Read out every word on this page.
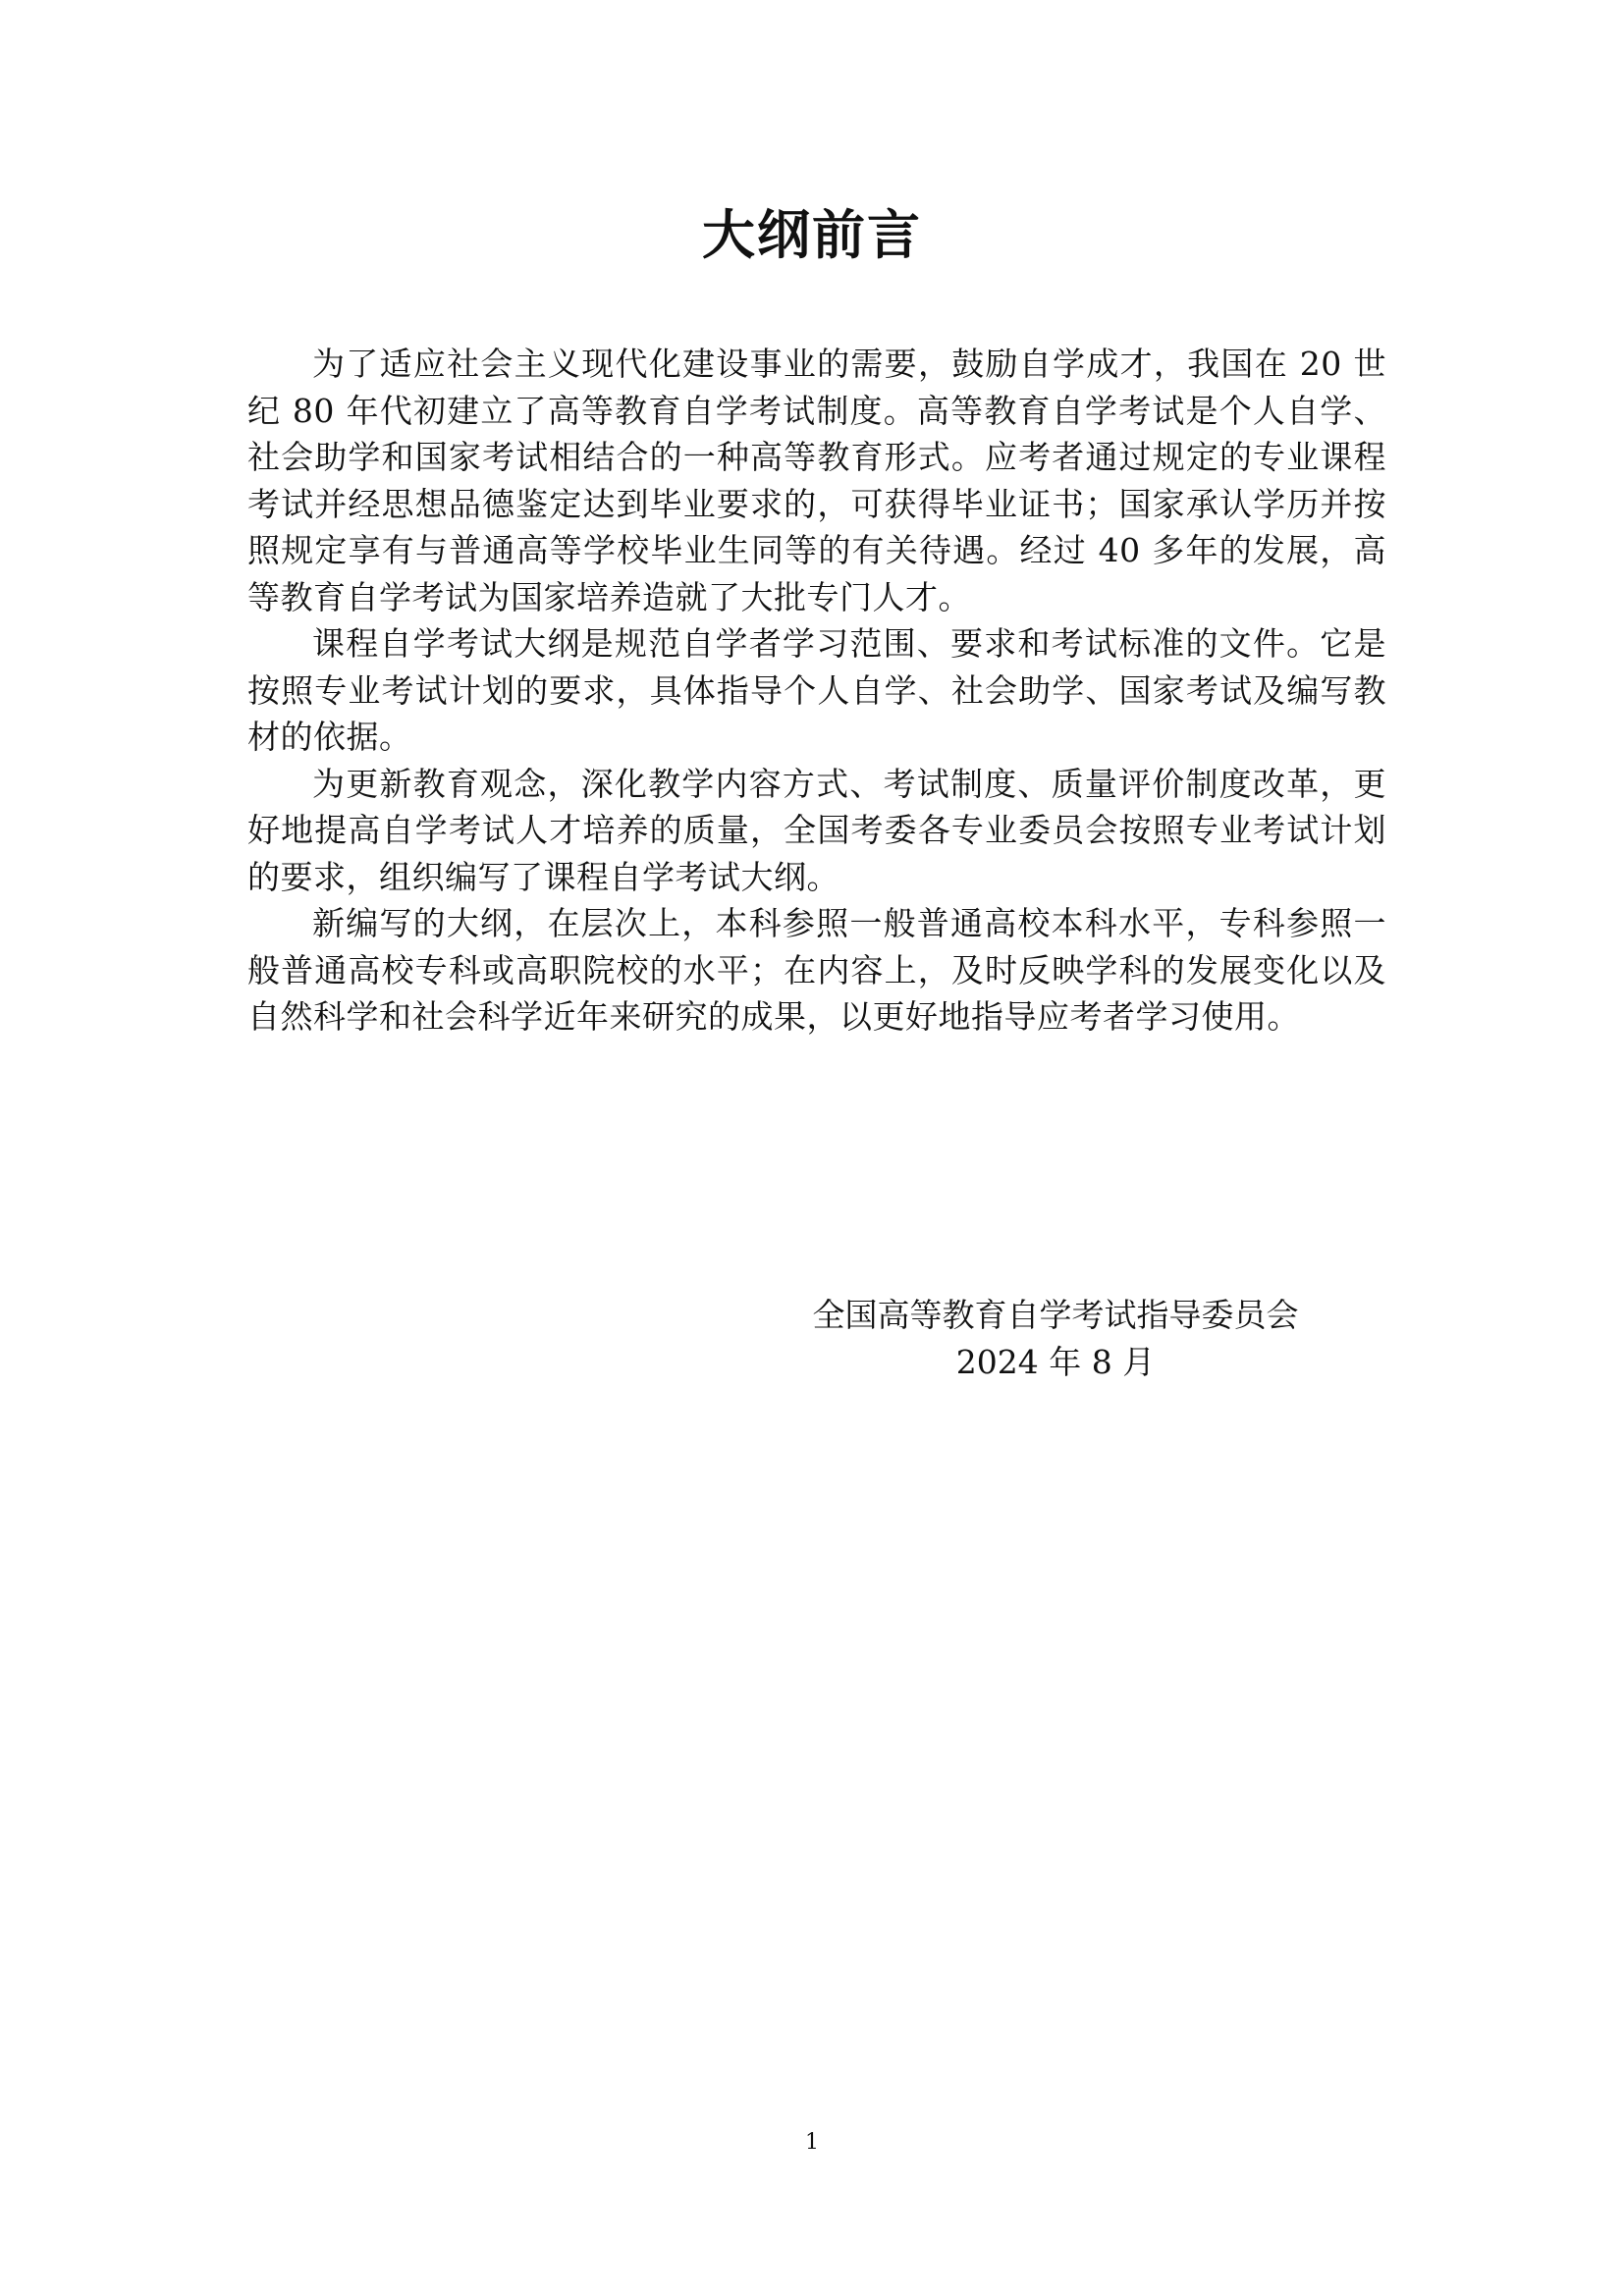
大纲前言

为了适应社会主义现代化建设事业的需要，鼓励自学成才，我国在 20 世纪 80 年代初建立了高等教育自学考试制度。高等教育自学考试是个人自学、社会助学和国家考试相结合的一种高等教育形式。应考者通过规定的专业课程考试并经思想品德鉴定达到毕业要求的，可获得毕业证书；国家承认学历并按照规定享有与普通高等学校毕业生同等的有关待遇。经过 40 多年的发展，高等教育自学考试为国家培养造就了大批专门人才。

课程自学考试大纲是规范自学者学习范围、要求和考试标准的文件。它是按照专业考试计划的要求，具体指导个人自学、社会助学、国家考试及编写教材的依据。

为更新教育观念，深化教学内容方式、考试制度、质量评价制度改革，更好地提高自学考试人才培养的质量，全国考委各专业委员会按照专业考试计划的要求，组织编写了课程自学考试大纲。

新编写的大纲，在层次上，本科参照一般普通高校本科水平，专科参照一般普通高校专科或高职院校的水平；在内容上，及时反映学科的发展变化以及自然科学和社会科学近年来研究的成果，以更好地指导应考者学习使用。

全国高等教育自学考试指导委员会
2024 年 8 月
1
